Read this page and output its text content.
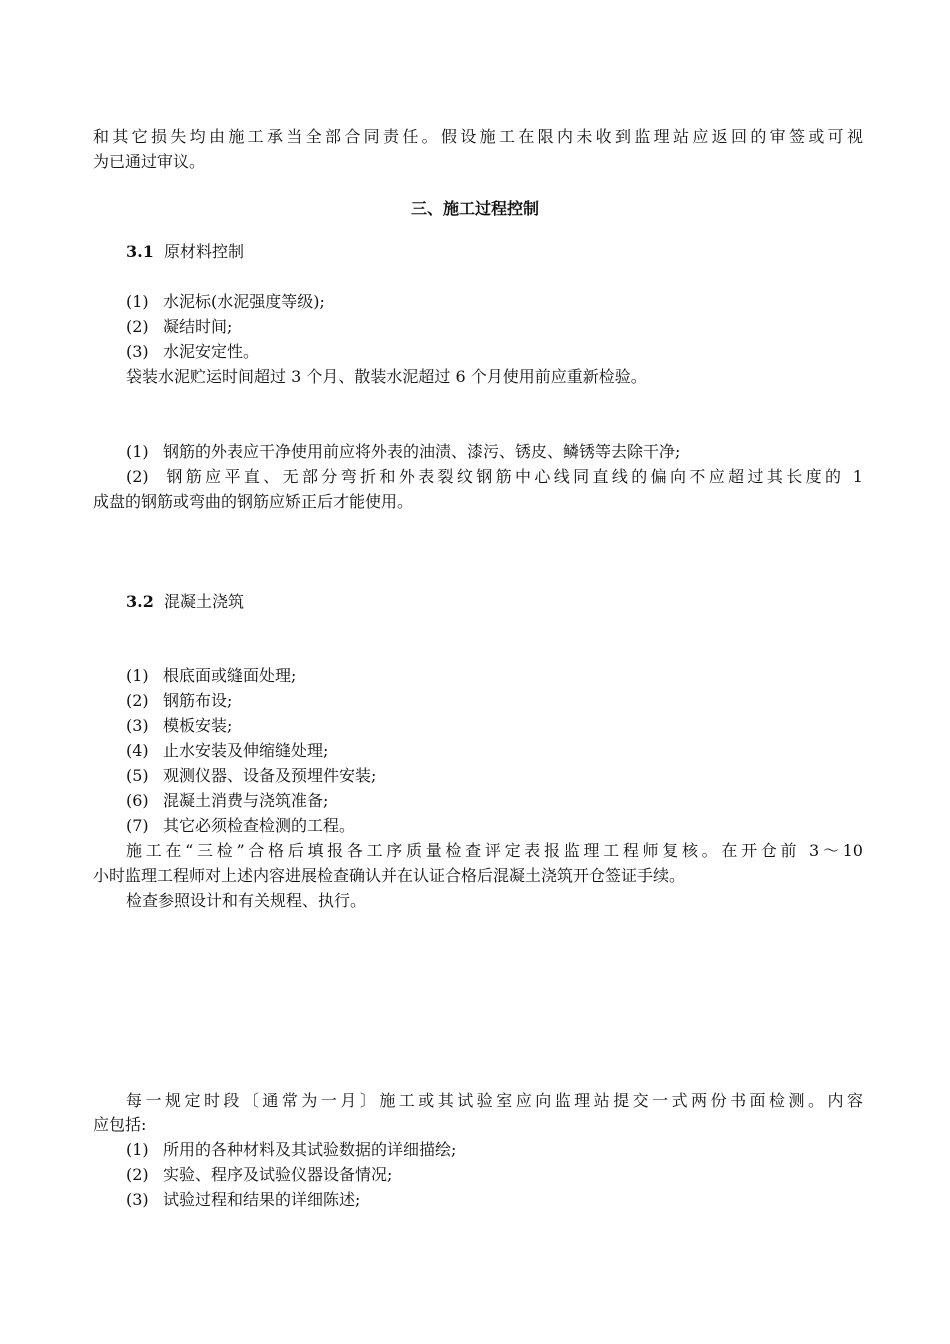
和其它损失均由施工承当全部合同责任。假设施工在限内未收到监理站应返回的审签或可视
为已通过审议。
三、施工过程控制
3.1 原材料控制
(1) 水泥标(水泥强度等级);
(2) 凝结时间;
(3) 水泥安定性。
袋装水泥贮运时间超过 3 个月、散装水泥超过 6 个月使用前应重新检验。
(1) 钢筋的外表应干净使用前应将外表的油渍、漆污、锈皮、鳞锈等去除干净;
(2) 钢筋应平直、无部分弯折和外表裂纹钢筋中心线同直线的偏向不应超过其长度的 1
成盘的钢筋或弯曲的钢筋应矫正后才能使用。
3.2 混凝土浇筑
(1) 根底面或缝面处理;
(2) 钢筋布设;
(3) 模板安装;
(4) 止水安装及伸缩缝处理;
(5) 观测仪器、设备及预埋件安装;
(6) 混凝土消费与浇筑准备;
(7) 其它必须检查检测的工程。
施工在“三检”合格后填报各工序质量检查评定表报监理工程师复核。在开仓前 3～10
小时监理工程师对上述内容进展检查确认并在认证合格后混凝土浇筑开仓签证手续。
检查参照设计和有关规程、执行。
每一规定时段〔通常为一月〕施工或其试验室应向监理站提交一式两份书面检测。内容
应包括:
(1) 所用的各种材料及其试验数据的详细描绘;
(2) 实验、程序及试验仪器设备情况;
(3) 试验过程和结果的详细陈述;
